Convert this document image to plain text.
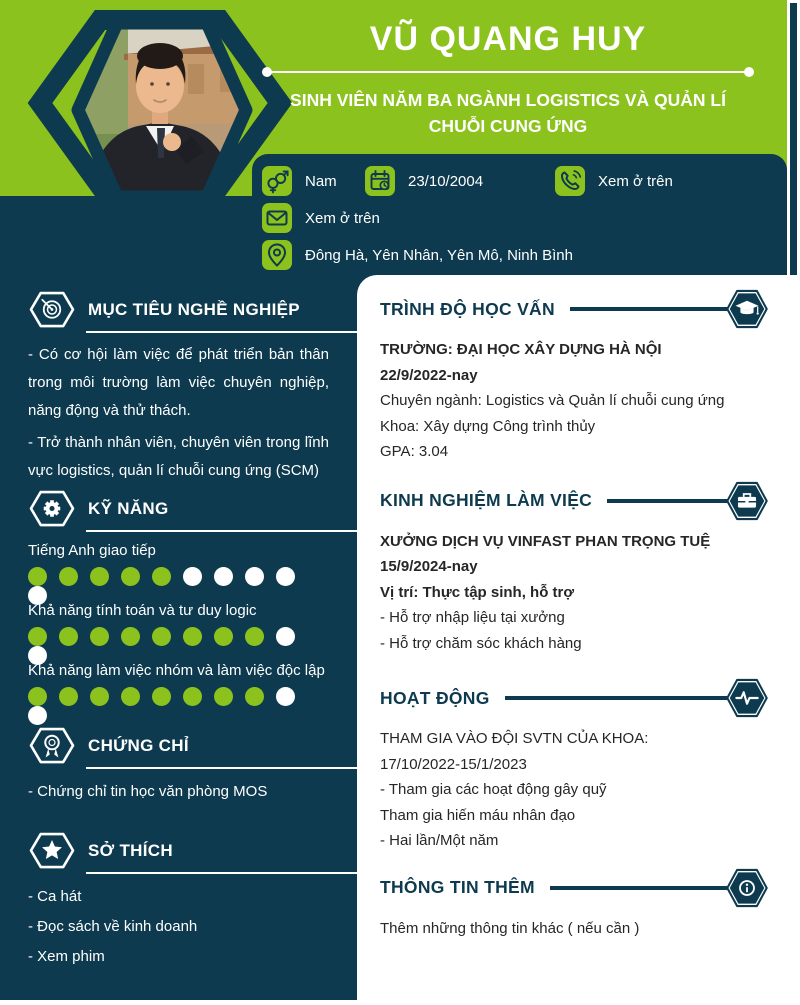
VŨ QUANG HUY
SINH VIÊN NĂM BA NGÀNH LOGISTICS VÀ QUẢN LÍ CHUỖI CUNG ỨNG
Nam	23/10/2004	Xem ở trên
Xem ở trên
Đông Hà, Yên Nhân, Yên Mô, Ninh Bình
MỤC TIÊU NGHỀ NGHIỆP

- Có cơ hội làm việc để phát triển bản thân trong môi trường làm việc chuyên nghiệp, năng động và thử thách.

- Trở thành nhân viên, chuyên viên trong lĩnh vực logistics, quản lí chuỗi cung ứng (SCM)

KỸ NĂNG
Tiếng Anh giao tiếp
Khả năng tính toán và tư duy logic
Khả năng làm việc nhóm và làm việc độc lập
CHỨNG CHỈ

- Chứng chỉ tin học văn phòng MOS

SỞ THÍCH

- Ca hát

- Đọc sách về kinh doanh

- Xem phim

TRÌNH ĐỘ HỌC VẤN

TRƯỜNG: ĐẠI HỌC XÂY DỰNG HÀ NỘI

22/9/2022-nay

Chuyên ngành: Logistics và Quản lí chuỗi cung ứng

Khoa: Xây dựng Công trình thủy

GPA: 3.04

KINH NGHIỆM LÀM VIỆC

XƯỞNG DỊCH VỤ VINFAST PHAN TRỌNG TUỆ

15/9/2024-nay

Vị trí: Thực tập sinh, hỗ trợ

- Hỗ trợ nhập liệu tại xưởng

- Hỗ trợ chăm sóc khách hàng

HOẠT ĐỘNG

THAM GIA VÀO ĐỘI SVTN CỦA KHOA:

17/10/2022-15/1/2023

- Tham gia các hoạt động gây quỹ

Tham gia hiến máu nhân đạo

- Hai lần/Một năm

THÔNG TIN THÊM

Thêm những thông tin khác ( nếu cần )
